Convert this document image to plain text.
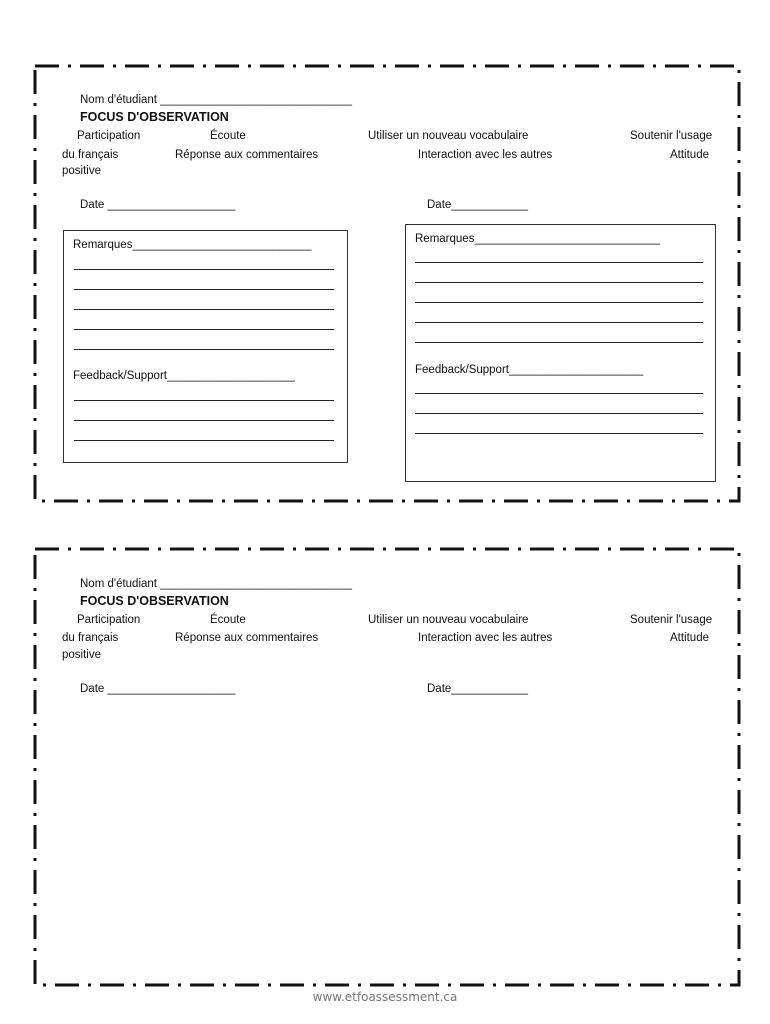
Nom d'étudiant ______________________________
FOCUS D'OBSERVATION
Participation	Écoute	Utiliser un nouveau vocabulaire	Soutenir l'usage
du français	Réponse aux commentaires	Interaction avec les autres	Attitude
positive
Date ____________________	Date____________
Remarques____________________________
Feedback/Support____________________
Remarques_____________________________
Feedback/Support_____________________
Nom d'étudiant ______________________________
FOCUS D'OBSERVATION
Participation	Écoute	Utiliser un nouveau vocabulaire	Soutenir l'usage
du français	Réponse aux commentaires	Interaction avec les autres	Attitude
positive
Date ____________________	Date____________
www.etfoassessment.ca
